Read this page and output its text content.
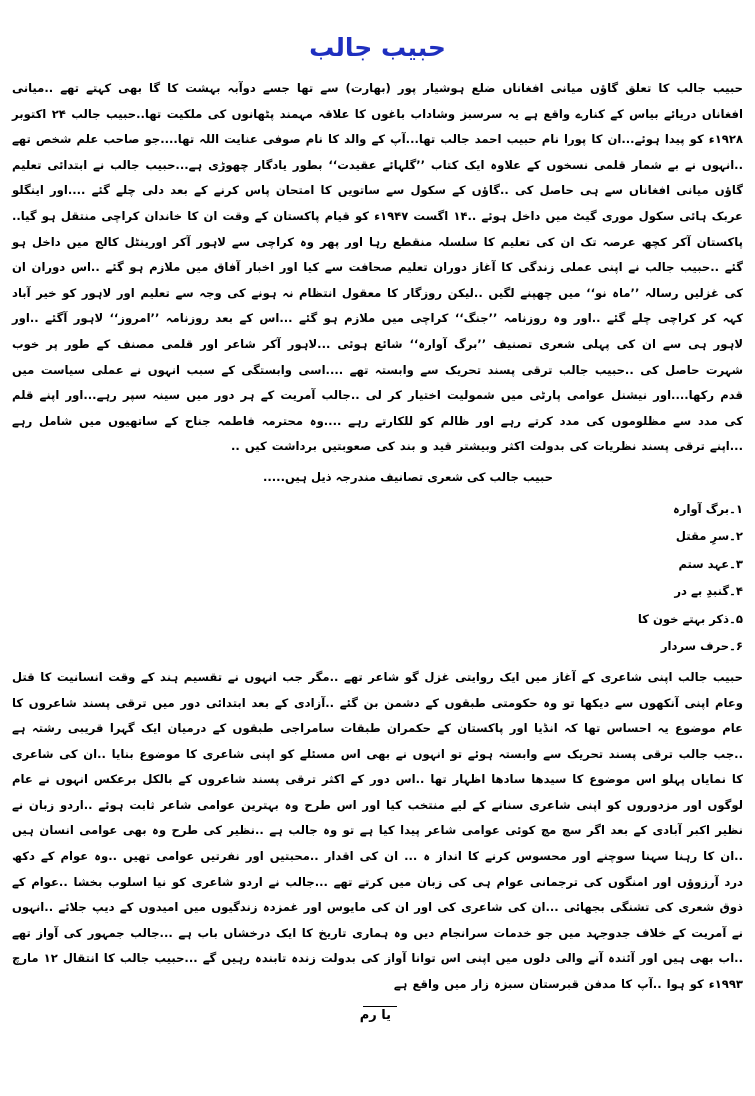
حبیب جالب

حبیب جالب کا تعلق گاؤں میانی افغاناں ضلع ہوشیار پور (بھارت) سے تھا جسے دوآبہ بہشت کا گا بھی کہتے تھے ..میانی افغاناں دریائے بیاس کے کنارے واقع ہے یہ سرسبز وشاداب باغوں کا علاقہ مہمند پٹھانوں کی ملکیت تھا..حبیب جالب ۲۴ اکتوبر ۱۹۲۸ء کو پیدا ہوئے...ان کا پورا نام حبیب احمد جالب تھا...آپ کے والد کا نام صوفی عنایت اللہ تھا....جو صاحب علم شخص تھے ..انہوں نے بے شمار قلمی نسخوں کے علاوہ ایک کتاب ’’گلہائے عقیدت‘‘ بطور یادگار چھوڑی ہے...حبیب جالب نے ابتدائی تعلیم گاؤں میانی افغاناں سے ہی حاصل کی ..گاؤں کے سکول سے ساتویں کا امتحان پاس کرنے کے بعد دلی چلے گئے ....اور اینگلو عربک ہائی سکول موری گیٹ میں داخل ہوئے ..۱۴ اگست ۱۹۴۷ء کو قیام پاکستان کے وقت ان کا خاندان کراچی منتقل ہو گیا.. پاکستان آکر کچھ عرصہ تک ان کی تعلیم کا سلسلہ منقطع رہا اور پھر وہ کراچی سے لاہور آکر اورینٹل کالج میں داخل ہو گئے ..حبیب جالب نے اپنی عملی زندگی کا آغاز دوران تعلیم صحافت سے کیا اور اخبار آفاق میں ملازم ہو گئے ..اس دوران ان کی غزلیں رسالہ ’’ماہ نو‘‘ میں چھپنے لگیں ..لیکن روزگار کا معقول انتظام نہ ہونے کی وجہ سے تعلیم اور لاہور کو خیر آباد کہہ کر کراچی چلے گئے ..اور وہ روزنامہ ’’جنگ‘‘ کراچی میں ملازم ہو گئے ...اس کے بعد روزنامہ ’’امروز‘‘ لاہور آگئے ..اور لاہور ہی سے ان کی پہلی شعری تصنیف ’’برگ آوارہ‘‘ شائع ہوئی ...لاہور آکر شاعر اور قلمی مصنف کے طور پر خوب شہرت حاصل کی ..حبیب جالب ترقی پسند تحریک سے وابستہ تھے ....اسی وابستگی کے سبب انہوں نے عملی سیاست میں قدم رکھا....اور نیشنل عوامی پارٹی میں شمولیت اختیار کر لی ..جالب آمریت کے ہر دور میں سینہ سپر رہے...اور اپنے قلم کی مدد سے مظلوموں کی مدد کرتے رہے اور ظالم کو للکارتے رہے ....وہ محترمہ فاطمہ جناح کے ساتھیوں میں شامل رہے ...اپنے ترقی پسند نظریات کی بدولت اکثر وبیشتر قید و بند کی صعوبتیں برداشت کیں ..

حبیب جالب کی شعری تصانیف مندرجہ ذیل ہیں.....

۱۔برگ آوارہ
۲۔سرِ مقتل
۳۔عہد ستم
۴۔گنبدِ بے در
۵۔ذکر بہتے خون کا
۶۔حرف سردار

حبیب جالب اپنی شاعری کے آغاز میں ایک روایتی غزل گو شاعر تھے ..مگر جب انہوں نے تقسیم ہند کے وقت انسانیت کا قتل وعام اپنی آنکھوں سے دیکھا تو وہ حکومتی طبقوں کے دشمن بن گئے ..آزادی کے بعد ابتدائی دور میں ترقی پسند شاعروں کا عام موضوع یہ احساس تھا کہ انڈیا اور پاکستان کے حکمران طبقات سامراجی طبقوں کے درمیان ایک گہرا قریبی رشتہ ہے ..جب جالب ترقی پسند تحریک سے وابستہ ہوئے تو انہوں نے بھی اس مسئلے کو اپنی شاعری کا موضوع بنایا ..ان کی شاعری کا نمایاں پہلو اس موضوع کا سیدھا سادھا اظہار تھا ..اس دور کے اکثر ترقی پسند شاعروں کے بالکل برعکس انہوں نے عام لوگوں اور مزدوروں کو اپنی شاعری سنانے کے لیے منتخب کیا اور اس طرح وہ بہترین عوامی شاعر ثابت ہوئے ..اردو زبان نے نظیر اکبر آبادی کے بعد اگر سچ مچ کوئی عوامی شاعر پیدا کیا ہے تو وہ جالب ہے ..نظیر کی طرح وہ بھی عوامی انسان ہیں ..ان کا رہنا سہنا سوچنے اور محسوس کرنے کا انداز ہ ... ان کی اقدار ..محبتیں اور نفرتیں عوامی تھیں ..وہ عوام کے دکھ درد آرزوؤں اور امنگوں کی ترجمانی عوام ہی کی زبان میں کرتے تھے ...جالب نے اردو شاعری کو نیا اسلوب بخشا ..عوام کے ذوق شعری کی تشنگی بجھائی ...ان کی شاعری کی اور ان کی مایوس اور غمزدہ زندگیوں میں امیدوں کے دیپ جلائے ..انہوں نے آمریت کے خلاف جدوجہد میں جو خدمات سرانجام دیں وہ ہماری تاریخ کا ایک درخشاں باب ہے ...جالب جمہور کی آواز تھے ..اب بھی ہیں اور آئندہ آنے والی دلوں میں اپنی اس توانا آواز کی بدولت زندہ تابندہ رہیں گے ...حبیب جالب کا انتقال ۱۲ مارچ ۱۹۹۳ء کو ہوا ..آپ کا مدفن قبرستان سبزہ زار میں واقع ہے

یا رم
